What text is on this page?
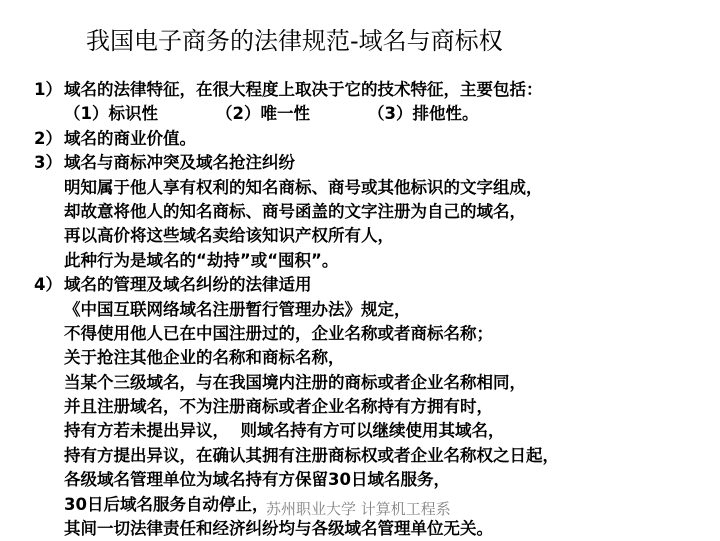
我国电子商务的法律规范-域名与商标权
1） 域名的法律特征，在很大程度上取决于它的技术特征，主要包括：
（1）标识性	（2）唯一性	（3）排他性。
2） 域名的商业价值。
3） 域名与商标冲突及域名抢注纠纷
明知属于他人享有权利的知名商标、商号或其他标识的文字组成，
却故意将他人的知名商标、商号函盖的文字注册为自己的域名，
再以高价将这些域名卖给该知识产权所有人，
此种行为是域名的“劫持”或“囤积”。
4） 域名的管理及域名纠纷的法律适用
《中国互联网络域名注册暂行管理办法》规定，
不得使用他人已在中国注册过的，企业名称或者商标名称；
关于抢注其他企业的名称和商标名称，
当某个三级域名，与在我国境内注册的商标或者企业名称相同，
并且注册域名，不为注册商标或者企业名称持有方拥有时，
持有方若未提出异议，  则域名持有方可以继续使用其域名，
持有方提出异议，在确认其拥有注册商标权或者企业名称权之日起，
各级域名管理单位为域名持有方保留30日域名服务，
30日后域名服务自动停止，
其间一切法律责任和经济纠纷均与各级域名管理单位无关。
苏州职业大学 计算机工程系
